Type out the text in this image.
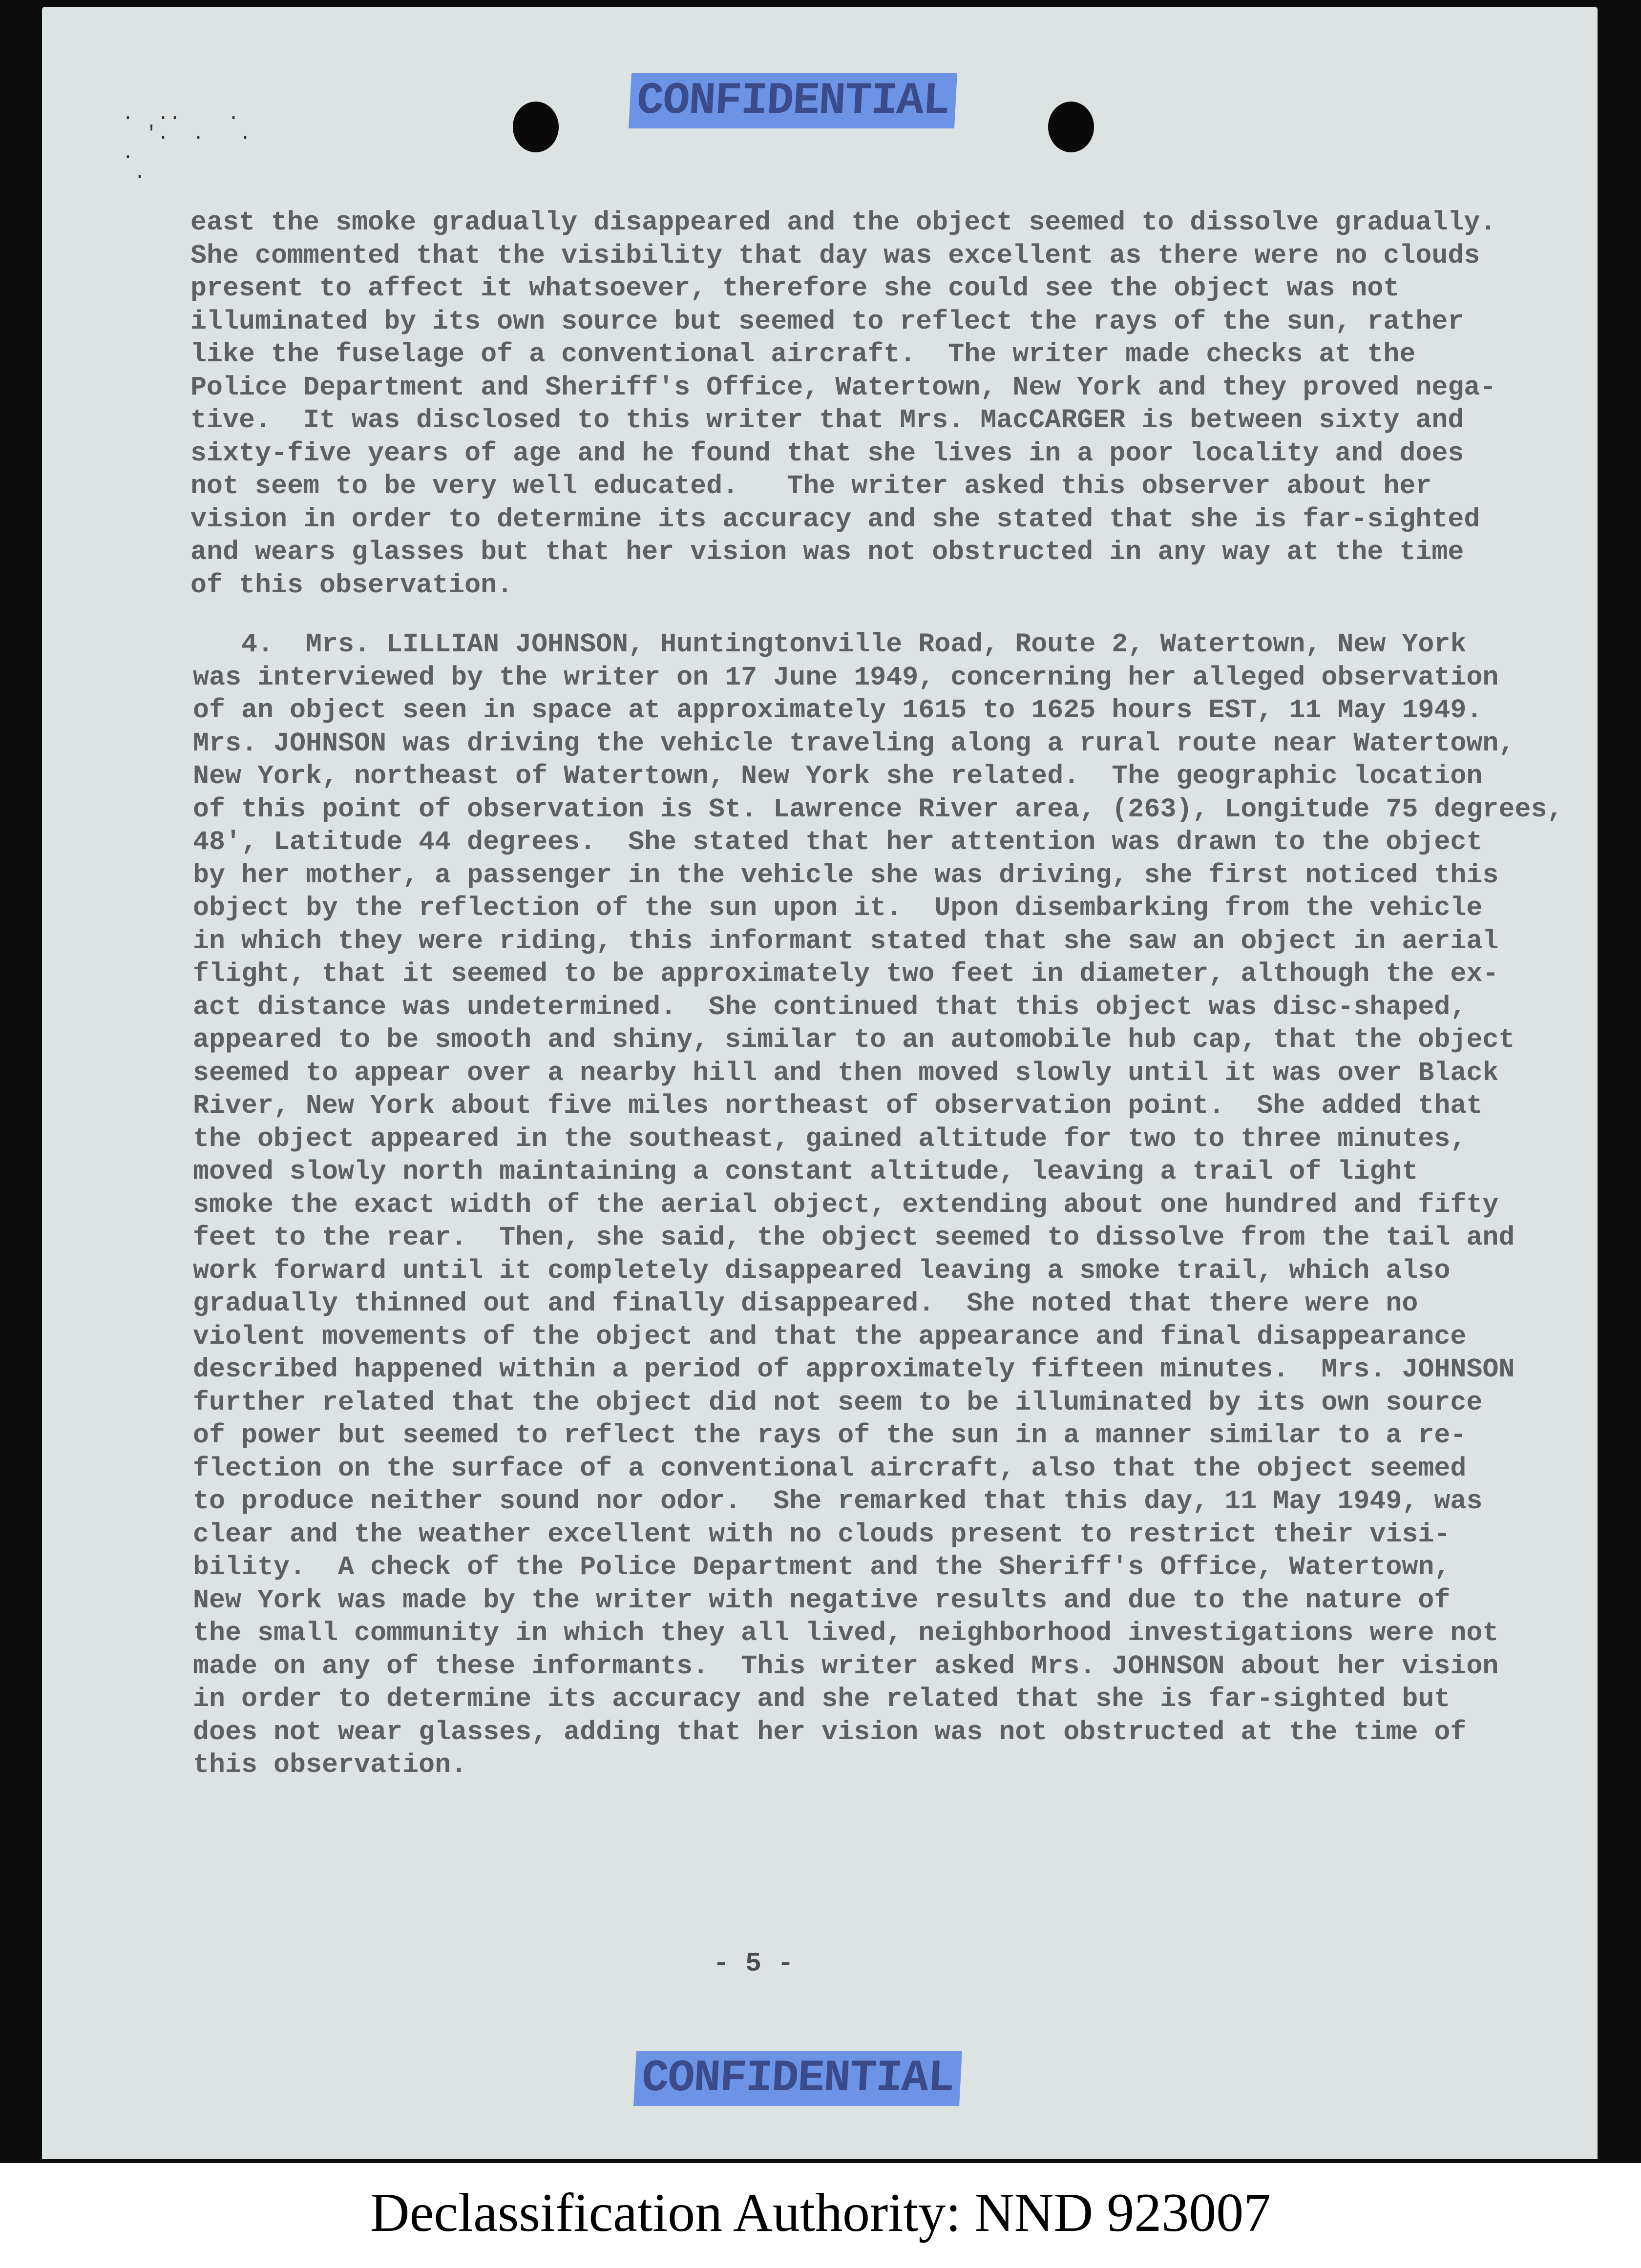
.  ..    .
'.  .   .
.
.
CONFIDENTIAL
east the smoke gradually disappeared and the object seemed to dissolve gradually.
She commented that the visibility that day was excellent as there were no clouds
present to affect it whatsoever, therefore she could see the object was not
illuminated by its own source but seemed to reflect the rays of the sun, rather
like the fuselage of a conventional aircraft.  The writer made checks at the
Police Department and Sheriff's Office, Watertown, New York and they proved nega-
tive.  It was disclosed to this writer that Mrs. MacCARGER is between sixty and
sixty-five years of age and he found that she lives in a poor locality and does
not seem to be very well educated.   The writer asked this observer about her
vision in order to determine its accuracy and she stated that she is far-sighted
and wears glasses but that her vision was not obstructed in any way at the time
of this observation.
4.  Mrs. LILLIAN JOHNSON, Huntingtonville Road, Route 2, Watertown, New York
was interviewed by the writer on 17 June 1949, concerning her alleged observation
of an object seen in space at approximately 1615 to 1625 hours EST, 11 May 1949.
Mrs. JOHNSON was driving the vehicle traveling along a rural route near Watertown,
New York, northeast of Watertown, New York she related.  The geographic location
of this point of observation is St. Lawrence River area, (263), Longitude 75 degrees,
48', Latitude 44 degrees.  She stated that her attention was drawn to the object
by her mother, a passenger in the vehicle she was driving, she first noticed this
object by the reflection of the sun upon it.  Upon disembarking from the vehicle
in which they were riding, this informant stated that she saw an object in aerial
flight, that it seemed to be approximately two feet in diameter, although the ex-
act distance was undetermined.  She continued that this object was disc-shaped,
appeared to be smooth and shiny, similar to an automobile hub cap, that the object
seemed to appear over a nearby hill and then moved slowly until it was over Black
River, New York about five miles northeast of observation point.  She added that
the object appeared in the southeast, gained altitude for two to three minutes,
moved slowly north maintaining a constant altitude, leaving a trail of light
smoke the exact width of the aerial object, extending about one hundred and fifty
feet to the rear.  Then, she said, the object seemed to dissolve from the tail and
work forward until it completely disappeared leaving a smoke trail, which also
gradually thinned out and finally disappeared.  She noted that there were no
violent movements of the object and that the appearance and final disappearance
described happened within a period of approximately fifteen minutes.  Mrs. JOHNSON
further related that the object did not seem to be illuminated by its own source
of power but seemed to reflect the rays of the sun in a manner similar to a re-
flection on the surface of a conventional aircraft, also that the object seemed
to produce neither sound nor odor.  She remarked that this day, 11 May 1949, was
clear and the weather excellent with no clouds present to restrict their visi-
bility.  A check of the Police Department and the Sheriff's Office, Watertown,
New York was made by the writer with negative results and due to the nature of
the small community in which they all lived, neighborhood investigations were not
made on any of these informants.  This writer asked Mrs. JOHNSON about her vision
in order to determine its accuracy and she related that she is far-sighted but
does not wear glasses, adding that her vision was not obstructed at the time of
this observation.
- 5 -
CONFIDENTIAL
Declassification Authority: NND 923007
